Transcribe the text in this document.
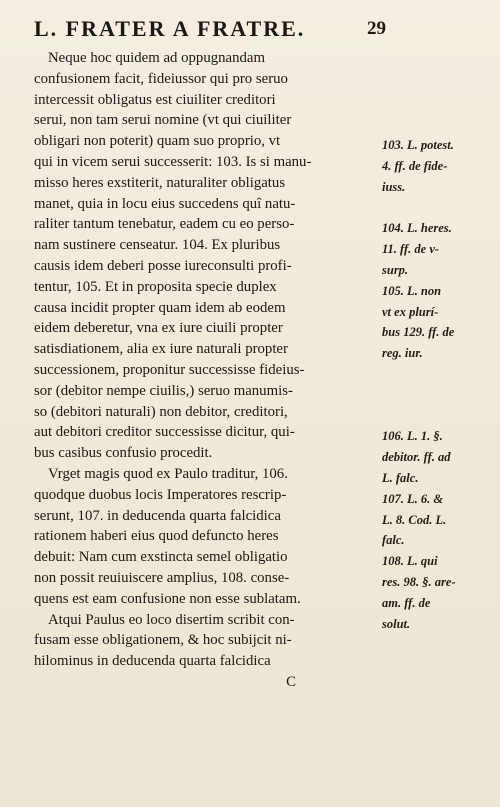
L. FRATER A FRATRE.	29
Neque hoc quidem ad oppugnandam
confusionem facit, fideiussor qui pro seruo
intercessit obligatus est ciuiliter creditori
serui, non tam serui nomine (vt qui ciuiliter
obligari non poterit) quam suo proprio, vt
qui in vicem serui successerit: 103. Is si manu-
misso heres exstiterit, naturaliter obligatus
manet, quia in locu eius succedens quî natu-
raliter tantum tenebatur, eadem cu eo perso-
nam sustinere censeatur. 104. Ex pluribus
causis idem deberi posse iureconsulti profi-
tentur, 105. Et in proposita specie duplex
causa incidit propter quam idem ab eodem
eidem deberetur, vna ex iure ciuili propter
satisdiationem, alia ex iure naturali propter
successionem, proponitur successisse fideius-
sor (debitor nempe ciuilis,) seruo manumis-
so (debitori naturali) non debitor, creditori,
aut debitori creditor successisse dicitur, qui-
bus casibus confusio procedit.
Vrget magis quod ex Paulo traditur, 106.
quodque duobus locis Imperatores rescrip-
serunt, 107. in deducenda quarta falcidica
rationem haberi eius quod defuncto heres
debuit: Nam cum exstincta semel obligatio
non possit reuiuiscere amplius, 108. conse-
quens est eam confusione non esse sublatam.
Atqui Paulus eo loco disertim scribit con-
fusam esse obligationem, & hoc subijcit ni-
hilominus in deducenda quarta falcidica
C
103. L. potest.
4. ff. de fide-
iuss.
104. L. heres.
11. ff. de v-
surp.
105. L. non
vt ex plurí-
bus 129. ff. de
reg. iur.
106. L. 1. §.
debitor. ff. ad
L. falc.
107. L. 6. &
L. 8. Cod. L.
falc.
108. L. qui
res. 98. §. are-
am. ff. de
solut.
